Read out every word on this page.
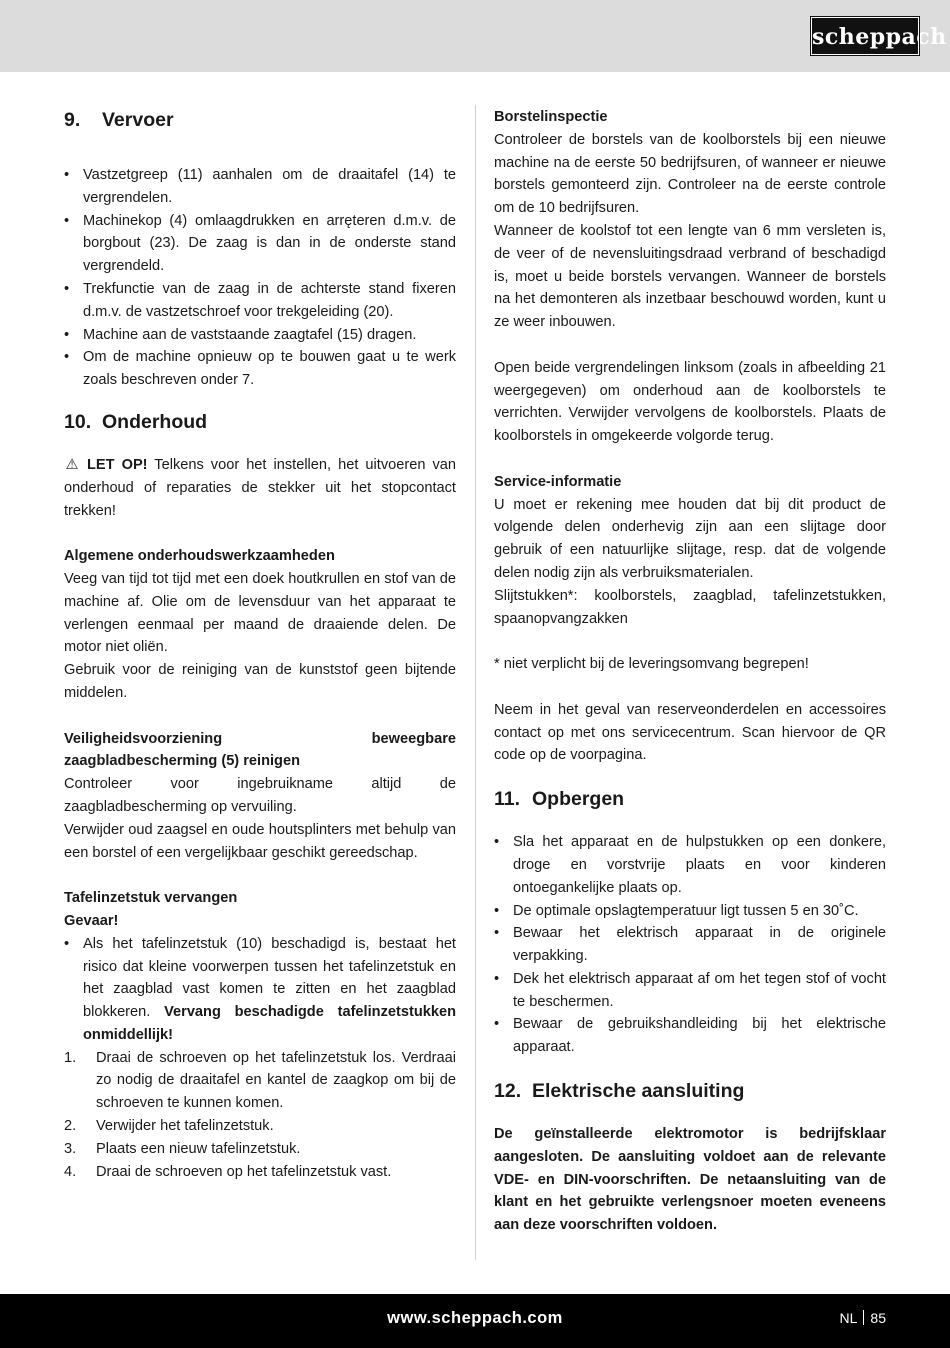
scheppach
9. Vervoer

• Vastzetgreep (11) aanhalen om de draaitafel (14) te vergrendelen.

• Machinekop (4) omlaagdrukken en arręteren d.m.v. de borgbout (23). De zaag is dan in de onderste stand vergrendeld.

• Trekfunctie van de zaag in de achterste stand fixeren d.m.v. de vastzetschroef voor trekgeleiding (20).

• Machine aan de vaststaande zaagtafel (15) dragen.

• Om de machine opnieuw op te bouwen gaat u te werk zoals beschreven onder 7.

10. Onderhoud

⚠ LET OP! Telkens voor het instellen, het uitvoeren van onderhoud of reparaties de stekker uit het stopcontact trekken!

Algemene onderhoudswerkzaamheden

Veeg van tijd tot tijd met een doek houtkrullen en stof van de machine af. Olie om de levensduur van het apparaat te verlengen eenmaal per maand de draaiende delen. De motor niet oliën.

Gebruik voor de reiniging van de kunststof geen bijtende middelen.

Veiligheidsvoorziening beweegbare zaagbladbescherming (5) reinigen

Controleer voor ingebruikname altijd de zaagbladbescherming op vervuiling.

Verwijder oud zaagsel en oude houtsplinters met behulp van een borstel of een vergelijkbaar geschikt gereedschap.

Tafelinzetstuk vervangen

Gevaar!

• Als het tafelinzetstuk (10) beschadigd is, bestaat het risico dat kleine voorwerpen tussen het tafelinzetstuk en het zaagblad vast komen te zitten en het zaagblad blokkeren. Vervang beschadigde tafelinzetstukken onmiddellijk!

1. Draai de schroeven op het tafelinzetstuk los. Verdraai zo nodig de draaitafel en kantel de zaagkop om bij de schroeven te kunnen komen.
2. Verwijder het tafelinzetstuk.
3. Plaats een nieuw tafelinzetstuk.
4. Draai de schroeven op het tafelinzetstuk vast.

Borstelinspectie

Controleer de borstels van de koolborstels bij een nieuwe machine na de eerste 50 bedrijfsuren, of wanneer er nieuwe borstels gemonteerd zijn. Controleer na de eerste controle om de 10 bedrijfsuren.

Wanneer de koolstof tot een lengte van 6 mm versleten is, de veer of de nevensluitingsdraad verbrand of beschadigd is, moet u beide borstels vervangen. Wanneer de borstels na het demonteren als inzetbaar beschouwd worden, kunt u ze weer inbouwen.

Open beide vergrendelingen linksom (zoals in afbeelding 21 weergegeven) om onderhoud aan de koolborstels te verrichten. Verwijder vervolgens de koolborstels. Plaats de koolborstels in omgekeerde volgorde terug.

Service-informatie

U moet er rekening mee houden dat bij dit product de volgende delen onderhevig zijn aan een slijtage door gebruik of een natuurlijke slijtage, resp. dat de volgende delen nodig zijn als verbruiksmaterialen.

Slijtstukken*: koolborstels, zaagblad, tafelinzetstukken, spaanopvangzakken

* niet verplicht bij de leveringsomvang begrepen!

Neem in het geval van reserveonderdelen en accessoires contact op met ons servicecentrum. Scan hiervoor de QR code op de voorpagina.

11. Opbergen

• Sla het apparaat en de hulpstukken op een donkere, droge en vorstvrije plaats en voor kinderen ontoegankelijke plaats op.

• De optimale opslagtemperatuur ligt tussen 5 en 30˚C.

• Bewaar het elektrisch apparaat in de originele verpakking.

• Dek het elektrisch apparaat af om het tegen stof of vocht te beschermen.

• Bewaar de gebruikshandleiding bij het elektrische apparaat.

12. Elektrische aansluiting

De geïnstalleerde elektromotor is bedrijfsklaar aangesloten. De aansluiting voldoet aan de relevante VDE- en DIN-voorschriften. De netaansluiting van de klant en het gebruikte verlengsnoer moeten eveneens aan deze voorschriften voldoen.

www.scheppach.com	NL 85
